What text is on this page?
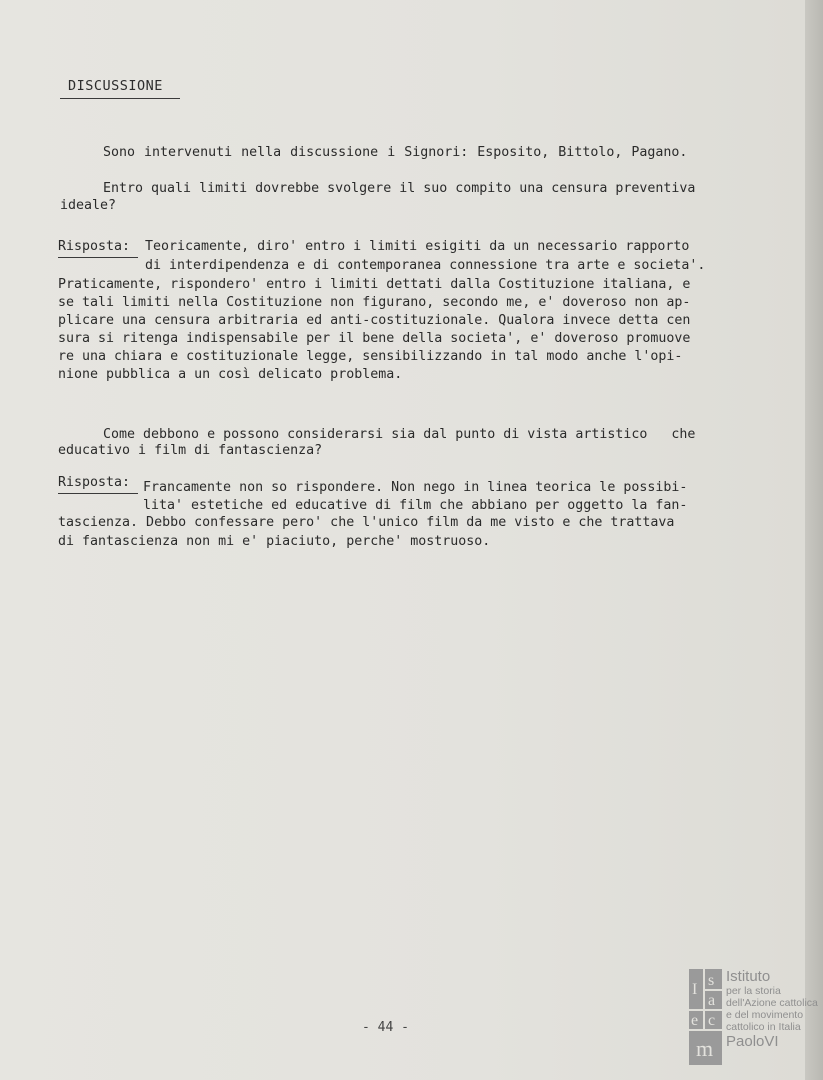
DISCUSSIONE
Sono intervenuti nella discussione i Signori: Esposito, Bittolo, Pagano.
Entro quali limiti dovrebbe svolgere il suo compito una censura preventiva
ideale?
Risposta: Teoricamente, diro' entro i limiti esigiti da un necessario rapporto
di interdipendenza e di contemporanea connessione tra arte e societa'.
Praticamente, rispondero' entro i limiti dettati dalla Costituzione italiana, e
se tali limiti nella Costituzione non figurano, secondo me, e' doveroso non ap-
plicare una censura arbitraria ed anti-costituzionale. Qualora invece detta cen
sura si ritenga indispensabile per il bene della societa', e' doveroso promuove
re una chiara e costituzionale legge, sensibilizzando in tal modo anche l'opi-
nione pubblica a un così delicato problema.
Come debbono e possono considerarsi sia dal punto di vista artistico   che
educativo i film di fantascienza?
Risposta: Francamente non so rispondere. Non nego in linea teorica le possibi-
lita' estetiche ed educative di film che abbiano per oggetto la fan-
tascienza. Debbo confessare pero' che l'unico film da me visto e che trattava
di fantascienza non mi e' piaciuto, perche' mostruoso.
- 44 -
I
s
a
e c
m
Istituto
per la storia
dell'Azione cattolica
e del movimento
cattolico in Italia
PaoloVI
